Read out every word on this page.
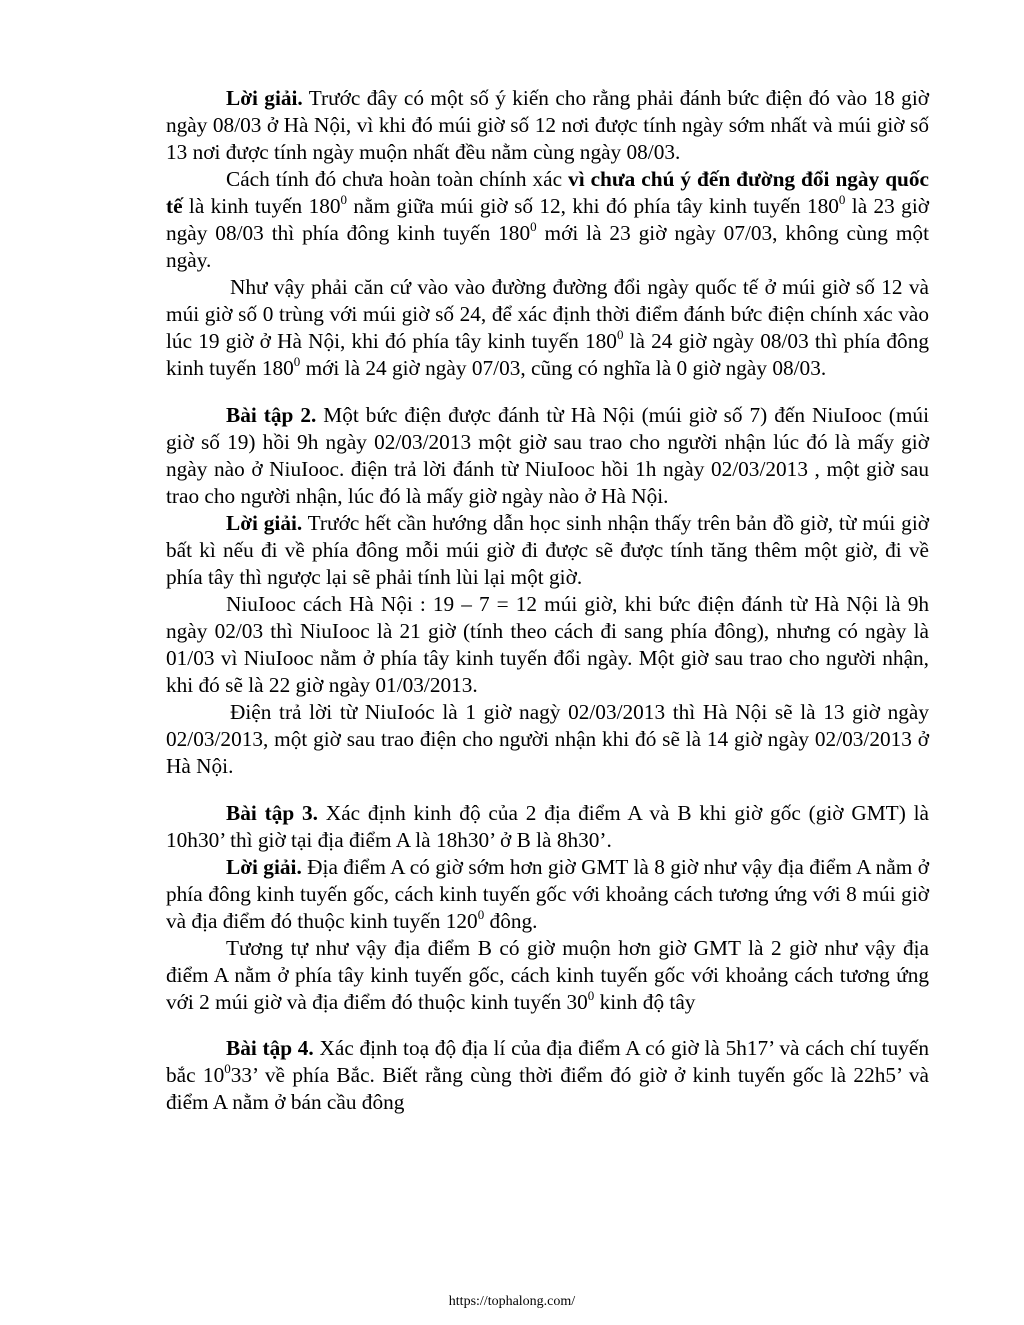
Lời giải. Trước đây có một số ý kiến cho rằng phải đánh bức điện đó vào 18 giờ ngày 08/03 ở Hà Nội, vì khi đó múi giờ số 12 nơi được tính ngày sớm nhất và múi giờ số 13 nơi được tính ngày muộn nhất đều nằm cùng ngày 08/03.

Cách tính đó chưa hoàn toàn chính xác vì chưa chú ý đến đường đổi ngày quốc tế là kinh tuyến $180^0$ nằm giữa múi giờ số 12, khi đó phía tây kinh tuyến $180^0$ là 23 giờ ngày 08/03 thì phía đông kinh tuyến $180^0$ mới là 23 giờ ngày 07/03, không cùng một ngày.

Như vậy phải căn cứ vào vào đường đường đổi ngày quốc tế ở múi giờ số 12 và múi giờ số 0 trùng với múi giờ số 24, để xác định thời điểm đánh bức điện chính xác vào lúc 19 giờ ở Hà Nội, khi đó phía tây kinh tuyến $180^0$ là 24 giờ ngày 08/03 thì phía đông kinh tuyến $180^0$ mới là 24 giờ ngày 07/03, cũng có nghĩa là 0 giờ ngày 08/03.

Bài tập 2. Một bức điện được đánh từ Hà Nội (múi giờ số 7) đến NiuIooc (múi giờ số 19) hồi 9h ngày 02/03/2013 một giờ sau trao cho người nhận lúc đó là mấy giờ ngày nào ở NiuIooc. điện trả lời đánh từ NiuIooc hồi 1h ngày 02/03/2013 , một giờ sau trao cho người nhận, lúc đó là mấy giờ ngày nào ở Hà Nội.

Lời giải. Trước hết cần hướng dẫn học sinh nhận thấy trên bản đồ giờ, từ múi giờ bất kì nếu đi về phía đông mỗi múi giờ đi được sẽ được tính tăng thêm một giờ, đi về phía tây thì ngược lại sẽ phải tính lùi lại một giờ.

NiuIooc cách Hà Nội : 19 – 7 = 12 múi giờ, khi bức điện đánh từ Hà Nội là 9h ngày 02/03 thì NiuIooc là 21 giờ (tính theo cách đi sang phía đông), nhưng có ngày là 01/03 vì NiuIooc nằm ở phía tây kinh tuyến đổi ngày. Một giờ sau trao cho người nhận, khi đó sẽ là 22 giờ ngày 01/03/2013.

Điện trả lời từ NiuIoóc là 1 giờ nagỳ 02/03/2013 thì Hà Nội sẽ là 13 giờ ngày 02/03/2013, một giờ sau trao điện cho người nhận khi đó sẽ là 14 giờ ngày 02/03/2013 ở Hà Nội.

Bài tập 3. Xác định kinh độ của 2 địa điểm A và B khi giờ gốc (giờ GMT) là 10h30’ thì giờ tại địa điểm A là 18h30’ ở B là 8h30’.

Lời giải. Địa điểm A có giờ sớm hơn giờ GMT là 8 giờ như vậy địa điểm A nằm ở phía đông kinh tuyến gốc, cách kinh tuyến gốc với khoảng cách tương ứng với 8 múi giờ và địa điểm đó thuộc kinh tuyến $120^0$ đông.

Tương tự như vậy địa điểm B có giờ muộn hơn giờ GMT là 2 giờ như vậy địa điểm A nằm ở phía tây kinh tuyến gốc, cách kinh tuyến gốc với khoảng cách tương ứng với 2 múi giờ và địa điểm đó thuộc kinh tuyến $30^0$ kinh độ tây

Bài tập 4. Xác định toạ độ địa lí của địa điểm A có giờ là 5h17’ và cách chí tuyến bắc $10^033$’ về phía Bắc. Biết rằng cùng thời điểm đó giờ ở kinh tuyến gốc là 22h5’ và điểm A nằm ở bán cầu đông

https://tophalong.com/
